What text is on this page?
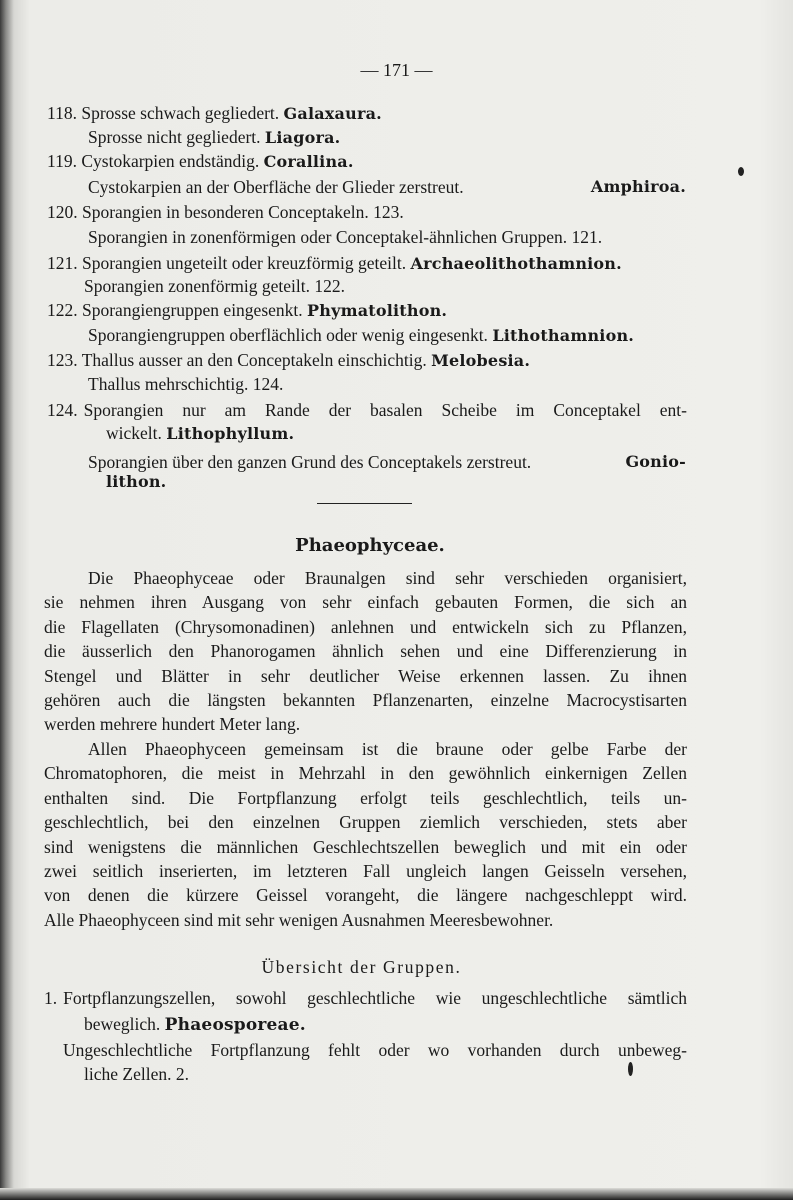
— 171 —
118. Sprosse schwach gegliedert. Galaxaura.
Sprosse nicht gegliedert. Liagora.
119. Cystokarpien endständig. Corallina.
Cystokarpien an der Oberfläche der Glieder zerstreut.	Amphiroa.
120. Sporangien in besonderen Conceptakeln. 123.
Sporangien in zonenförmigen oder Conceptakel-ähnlichen Gruppen. 121.
121. Sporangien ungeteilt oder kreuzförmig geteilt. Archaeolithothamnion.
Sporangien zonenförmig geteilt. 122.
122. Sporangiengruppen eingesenkt. Phymatolithon.
Sporangiengruppen oberflächlich oder wenig eingesenkt. Lithothamnion.
123. Thallus ausser an den Conceptakeln einschichtig. Melobesia.
Thallus mehrschichtig. 124.
124. Sporangien nur am Rande der basalen Scheibe im Conceptakel ent-
wickelt. Lithophyllum.
Sporangien über den ganzen Grund des Conceptakels zerstreut.	Gonio-
lithon.
Phaeophyceae.
Die Phaeophyceae oder Braunalgen sind sehr verschieden organisiert,
sie nehmen ihren Ausgang von sehr einfach gebauten Formen, die sich an
die Flagellaten (Chrysomonadinen) anlehnen und entwickeln sich zu Pflanzen,
die äusserlich den Phanorogamen ähnlich sehen und eine Differenzierung in
Stengel und Blätter in sehr deutlicher Weise erkennen lassen. Zu ihnen
gehören auch die längsten bekannten Pflanzenarten, einzelne Macrocystisarten
werden mehrere hundert Meter lang.
Allen Phaeophyceen gemeinsam ist die braune oder gelbe Farbe der
Chromatophoren, die meist in Mehrzahl in den gewöhnlich einkernigen Zellen
enthalten sind. Die Fortpflanzung erfolgt teils geschlechtlich, teils un-
geschlechtlich, bei den einzelnen Gruppen ziemlich verschieden, stets aber
sind wenigstens die männlichen Geschlechtszellen beweglich und mit ein oder
zwei seitlich inserierten, im letzteren Fall ungleich langen Geisseln versehen,
von denen die kürzere Geissel vorangeht, die längere nachgeschleppt wird.
Alle Phaeophyceen sind mit sehr wenigen Ausnahmen Meeresbewohner.
Übersicht der Gruppen.
1. Fortpflanzungszellen, sowohl geschlechtliche wie ungeschlechtliche sämtlich
beweglich. Phaeosporeae.
Ungeschlechtliche Fortpflanzung fehlt oder wo vorhanden durch unbeweg-
liche Zellen. 2.
